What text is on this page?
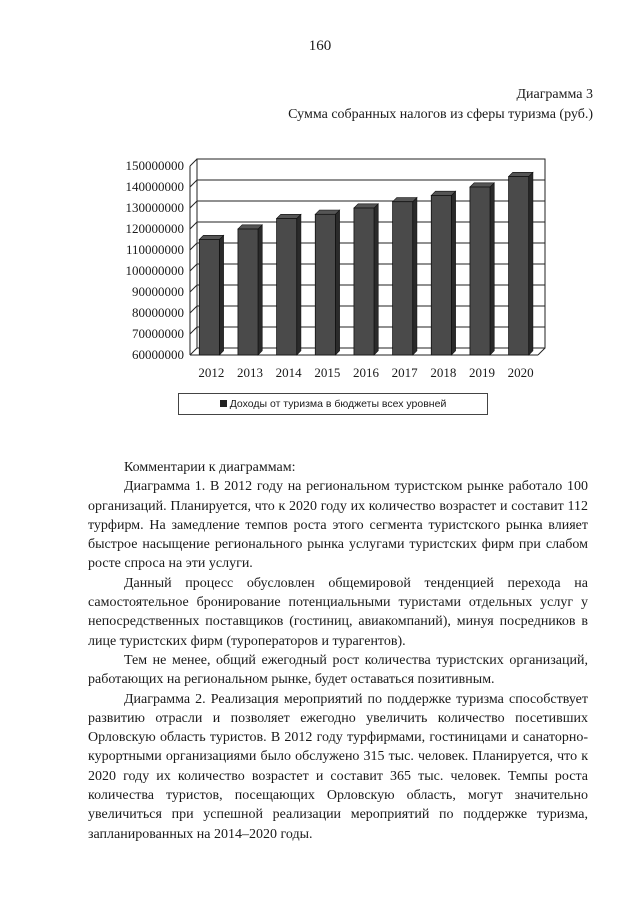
160
Диаграмма 3
Сумма собранных налогов из сферы туризма (руб.)
60000000
70000000
80000000
90000000
100000000
110000000
120000000
130000000
140000000
150000000
2012 2013 2014 2015 2016 2017 2018 2019 2020
Доходы от туризма в бюджеты всех уровней

Комментарии к диаграммам:

Диаграмма 1. В 2012 году на региональном туристском рынке работало 100 организаций. Планируется, что к 2020 году их количество возрастет и составит 112 турфирм. На замедление темпов роста этого сегмента туристского рынка влияет быстрое насыщение регионального рынка услугами туристских фирм при слабом росте спроса на эти услуги.

Данный процесс обусловлен общемировой тенденцией перехода на самостоятельное бронирование потенциальными туристами отдельных услуг у непосредственных поставщиков (гостиниц, авиакомпаний), минуя посредников в лице туристских фирм (туроператоров и турагентов).

Тем не менее, общий ежегодный рост количества туристских организаций, работающих на региональном рынке, будет оставаться позитивным.

Диаграмма 2. Реализация мероприятий по поддержке туризма способствует развитию отрасли и позволяет ежегодно увеличить количество посетивших Орловскую область туристов. В 2012 году турфирмами, гостиницами и санаторно-курортными организациями было обслужено 315 тыс. человек. Планируется, что к 2020 году их количество возрастет и составит 365 тыс. человек. Темпы роста количества туристов, посещающих Орловскую область, могут значительно увеличиться при успешной реализации мероприятий по поддержке туризма, запланированных на 2014–2020 годы.
